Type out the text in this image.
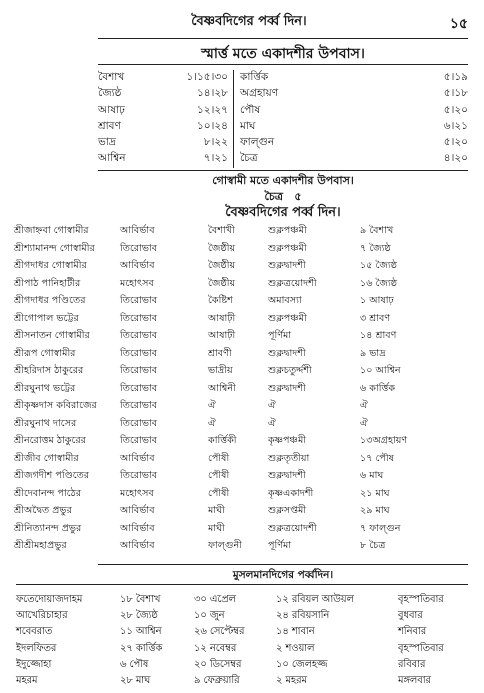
বৈষ্ণবদিগের পর্ব্ব দিন।	১৫
স্মার্ত্ত মতে একাদশীর উপবাস।
বৈশাখ	১।১৫।৩০ কার্ত্তিক	৫।১৯
জ্যৈষ্ঠ	১৪।২৮ অগ্রহায়ণ	৫।১৮
আষাঢ়	১২।২৭ পৌষ	৫।২০
শ্রাবণ	১০।২৪ মাঘ	৬।২১
ভাদ্র	৮।২২ ফাল্গুন	৫।২০
আশ্বিন	৭।২১ চৈত্র	৪।২০
গোস্বামী মতে একাদশীর উপবাস।
চৈত্র   ৫
বৈষ্ণবদিগের পর্ব্ব দিন।
শ্রীজাহ্নবা গোস্বামীর	আবির্ভাব	বৈশাখী	শুক্লপঞ্চমী	৯ বৈশাখ
শ্রীশ্যামানন্দ গোস্বামীর	তিরোভাব	জৈষ্ঠীয়	শুক্লপঞ্চমী	৭ জ্যৈষ্ঠ
শ্রীগদাধর গোস্বামীর	আবির্ভাব	জৈষ্ঠীয়	শুক্লদ্বাদশী	১৫ জ্যৈষ্ঠ
শ্রীপাঠ পানিহাটীর	মহোৎসব	জৈষ্ঠীয়	শুক্লত্রয়োদশী	১৬ জ্যৈষ্ঠ
শ্রীগদাধর পণ্ডিতের	তিরোভাব	কৈষ্টিশ	অমাবস্যা	১ আষাঢ়
শ্রীগোপাল ভট্টের	তিরোভাব	আষাঢ়ী	শুক্লপঞ্চমী	৩ শ্রাবণ
শ্রীসনাতন গোস্বামীর	তিরোভাব	আষাঢ়ী	পূর্ণিমা	১৪ শ্রাবণ
শ্রীরূপ গোস্বামীর	তিরোভাব	শ্রাবণী	শুক্লদ্বাদশী	৯ ভাদ্র
শ্রীহরিদাস ঠাকুরের	তিরোভাব	ভাদ্রীয়	শুক্লচতুর্দ্দশী	১০ আশ্বিন
শ্রীরঘুনাথ ভট্টের	তিরোভাব	আশ্বিনী	শুক্লদ্বাদশী	৬ কার্ত্তিক
শ্রীকৃষ্ণদাস কবিরাজের তিরোভাব	ঐ	ঐ	ঐ
শ্রীরঘুনাথ দাসের	তিরোভাব	ঐ	ঐ	ঐ
শ্রীনরোত্তম ঠাকুরের	তিরোভাব	কার্ত্তিকী	কৃষ্ণপঞ্চমী	১৩অগ্রহায়ণ
শ্রীজীব গোস্বামীর	আবির্ভাব	পৌষী	শুক্লতৃতীয়া	১৭ পৌষ
শ্রীজগদীশ পণ্ডিতের	তিরোভাব	পৌষী	শুক্লদ্বাদশী	৬ মাঘ
শ্রীদেবানন্দ পাঠের	মহোৎসব	পৌষী	কৃষ্ণএকাদশী	২১ মাঘ
শ্রীঅদ্বৈত প্রভুর	আবির্ভাব	মাঘী	শুক্লসপ্তমী	২৯ মাঘ
শ্রীনিত্যানন্দ প্রভুর	আবির্ভাব	মাঘী	শুক্লত্রয়োদশী	৭ ফাল্গুন
শ্রীশ্রীমহাপ্রভুর	আবির্ভাব	ফাল্গুনী	পূর্ণিমা	৮ চৈত্র
মুসলমানদিগের পর্ব্বদিন।
ফতেদোয়াজদাহম	১৮ বৈশাখ	৩০ এপ্রেল	১২ রবিয়ল আউয়ল	বৃহস্পতিবার
আখেরিচাহার	২৮ জ্যৈষ্ঠ	১০ জুন	২৪ রবিয়সানি	বুধবার
শবেবরাত	১১ আশ্বিন	২৬ সেপ্টেম্বর	১৪ শাবান	শনিবার
ইদলফিতর	২৭ কার্ত্তিক	১২ নবেম্বর	২ শওয়াল	বৃহস্পতিবার
ইদুজ্জোহা	৬ পৌষ	২০ ডিসেম্বর	১০ জেলহজ্জ	রবিবার
মহরম	২৮ মাঘ	৯ ফেব্রুয়ারি	২ মহরম	মঙ্গলবার
